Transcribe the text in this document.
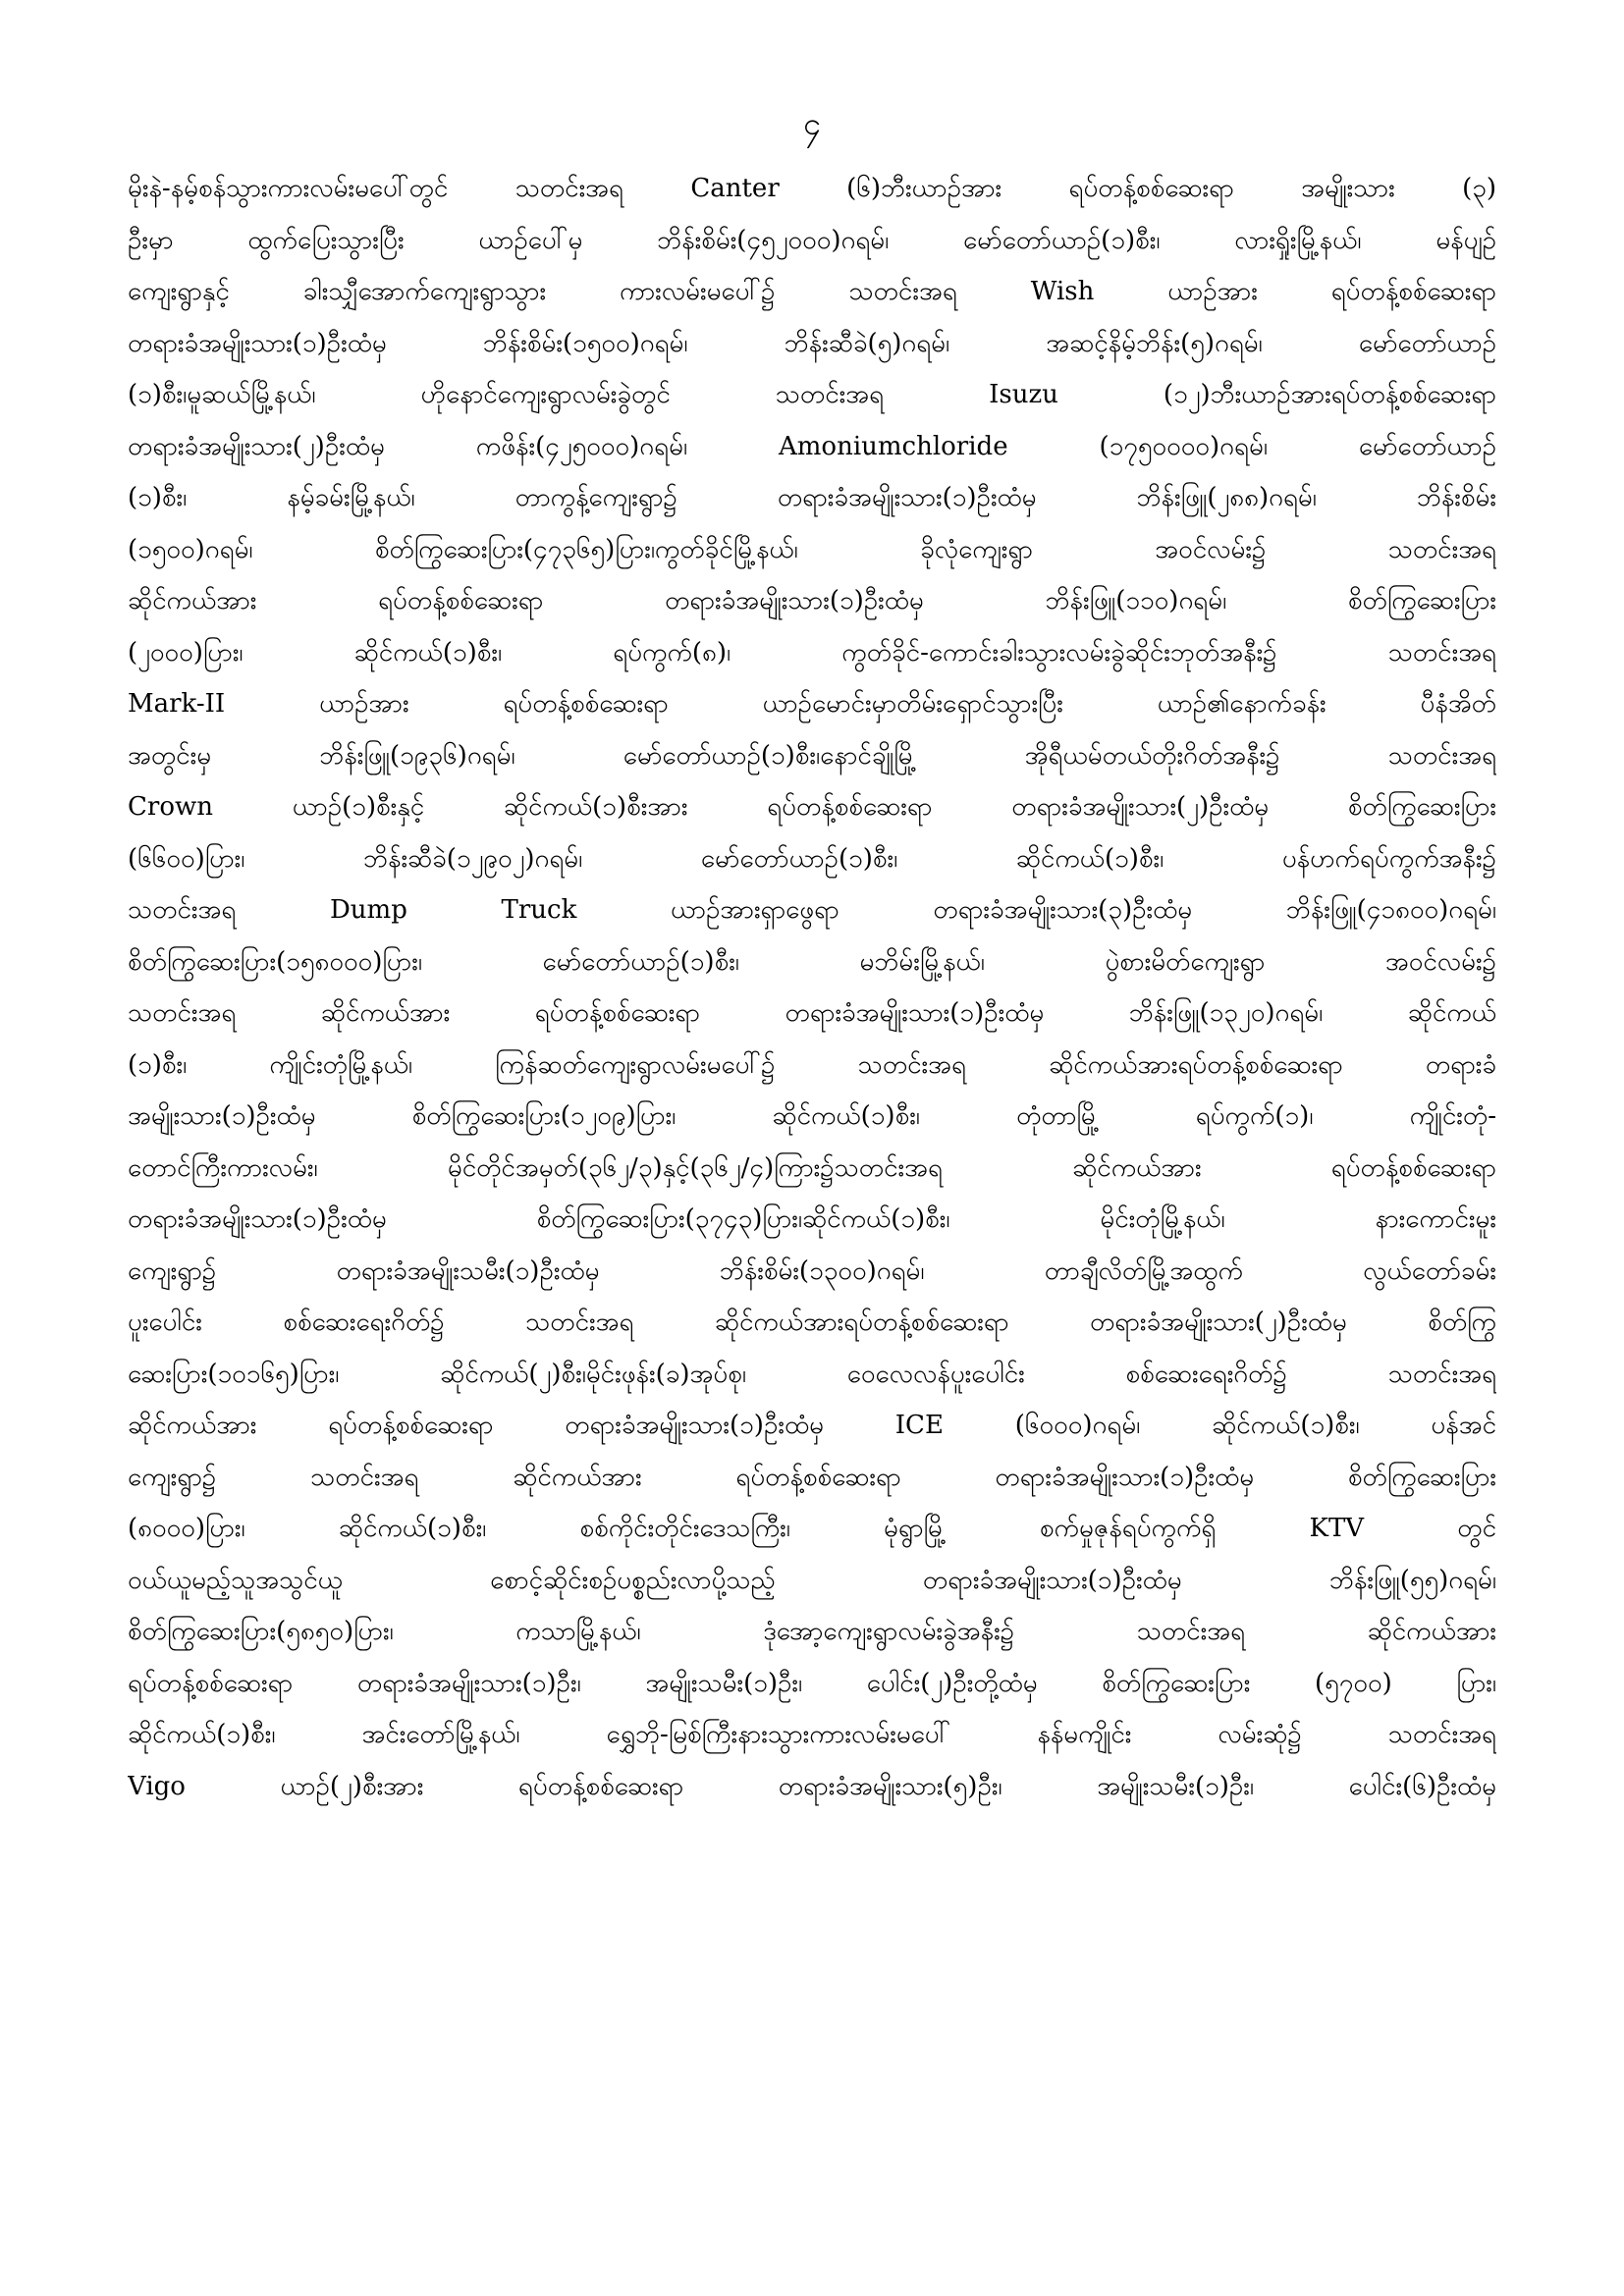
၄
မိုးနဲ-နမ့်စန်သွားကားလမ်းမပေါ်တွင် သတင်းအရ Canter (၆)ဘီးယာဉ်အား ရပ်တန့်စစ်ဆေးရာ အမျိုးသား (၃)
ဦးမှာ ထွက်ပြေးသွားပြီး ယာဉ်ပေါ်မှ ဘိန်းစိမ်း(၄၅၂၀၀၀)ဂရမ်၊ မော်တော်ယာဉ်(၁)စီး၊ လားရှိုးမြို့နယ်၊ မန်ပျဉ်
ကျေးရွာနှင့် ခါးသျှီအောက်ကျေးရွာသွား ကားလမ်းမပေါ်၌ သတင်းအရ Wish ယာဉ်အား ရပ်တန့်စစ်ဆေးရာ
တရားခံအမျိုးသား(၁)ဦးထံမှ ဘိန်းစိမ်း(၁၅၀၀)ဂရမ်၊ ဘိန်းဆီခဲ(၅)ဂရမ်၊ အဆင့်နိမ့်ဘိန်း(၅)ဂရမ်၊ မော်တော်ယာဉ်
(၁)စီး၊မူဆယ်မြို့နယ်၊ ဟိုနောင်ကျေးရွာလမ်းခွဲတွင် သတင်းအရ Isuzu (၁၂)ဘီးယာဉ်အားရပ်တန့်စစ်ဆေးရာ
တရားခံအမျိုးသား(၂)ဦးထံမှ ကဖိန်း(၄၂၅၀၀၀)ဂရမ်၊ Amoniumchloride (၁၇၅၀၀၀၀)ဂရမ်၊ မော်တော်ယာဉ်
(၁)စီး၊ နမ့်ခမ်းမြို့နယ်၊ တာကွန့်ကျေးရွာ၌ တရားခံအမျိုးသား(၁)ဦးထံမှ ဘိန်းဖြူ(၂၈၈)ဂရမ်၊ ဘိန်းစိမ်း
(၁၅၀၀)ဂရမ်၊ စိတ်ကြွဆေးပြား(၄၇၃၆၅)ပြား၊ကွတ်ခိုင်မြို့နယ်၊ ခိုလုံကျေးရွာ အဝင်လမ်း၌ သတင်းအရ
ဆိုင်ကယ်အား ရပ်တန့်စစ်ဆေးရာ တရားခံအမျိုးသား(၁)ဦးထံမှ ဘိန်းဖြူ(၁၁၀)ဂရမ်၊ စိတ်ကြွဆေးပြား
(၂၀၀၀)ပြား၊ ဆိုင်ကယ်(၁)စီး၊ ရပ်ကွက်(၈)၊ ကွတ်ခိုင်-ကောင်းခါးသွားလမ်းခွဲဆိုင်းဘုတ်အနီး၌ သတင်းအရ
Mark-II ယာဉ်အား ရပ်တန့်စစ်ဆေးရာ ယာဉ်မောင်းမှာတိမ်းရှောင်သွားပြီး ယာဉ်၏နောက်ခန်း ပီနံအိတ်
အတွင်းမှ ဘိန်းဖြူ(၁၉၃၆)ဂရမ်၊ မော်တော်ယာဉ်(၁)စီး၊နောင်ချိုမြို့ အိုရီယမ်တယ်တိုးဂိတ်အနီး၌ သတင်းအရ
Crown ယာဉ်(၁)စီးနှင့် ဆိုင်ကယ်(၁)စီးအား ရပ်တန့်စစ်ဆေးရာ တရားခံအမျိုးသား(၂)ဦးထံမှ စိတ်ကြွဆေးပြား
(၆၆၀၀)ပြား၊ ဘိန်းဆီခဲ(၁၂၉၀၂)ဂရမ်၊ မော်တော်ယာဉ်(၁)စီး၊ ဆိုင်ကယ်(၁)စီး၊ ပန်ဟက်ရပ်ကွက်အနီး၌
သတင်းအရ Dump Truck ယာဉ်အားရှာဖွေရာ တရားခံအမျိုးသား(၃)ဦးထံမှ ဘိန်းဖြူ(၄၁၈၀၀)ဂရမ်၊
စိတ်ကြွဆေးပြား(၁၅၈၀၀၀)ပြား၊ မော်တော်ယာဉ်(၁)စီး၊ မဘိမ်းမြို့နယ်၊ ပွဲစားမိတ်ကျေးရွာ အဝင်လမ်း၌
သတင်းအရ ဆိုင်ကယ်အား ရပ်တန့်စစ်ဆေးရာ တရားခံအမျိုးသား(၁)ဦးထံမှ ဘိန်းဖြူ(၁၃၂၀)ဂရမ်၊ ဆိုင်ကယ်
(၁)စီး၊ ကျိုင်းတုံမြို့နယ်၊ ကြန်ဆတ်ကျေးရွာလမ်းမပေါ်၌ သတင်းအရ ဆိုင်ကယ်အားရပ်တန့်စစ်ဆေးရာ တရားခံ
အမျိုးသား(၁)ဦးထံမှ စိတ်ကြွဆေးပြား(၁၂၀၉)ပြား၊ ဆိုင်ကယ်(၁)စီး၊ တုံတာမြို့ ရပ်ကွက်(၁)၊ ကျိုင်းတုံ-
တောင်ကြီးကားလမ်း၊ မိုင်တိုင်အမှတ်(၃၆၂/၃)နှင့်(၃၆၂/၄)ကြား၌သတင်းအရ ဆိုင်ကယ်အား ရပ်တန့်စစ်ဆေးရာ
တရားခံအမျိုးသား(၁)ဦးထံမှ စိတ်ကြွဆေးပြား(၃၇၄၃)ပြား၊ဆိုင်ကယ်(၁)စီး၊ မိုင်းတုံမြို့နယ်၊ နားကောင်းမူး
ကျေးရွာ၌ တရားခံအမျိုးသမီး(၁)ဦးထံမှ ဘိန်းစိမ်း(၁၃၀၀)ဂရမ်၊ တာချီလိတ်မြို့အထွက် လွယ်တော်ခမ်း
ပူးပေါင်း စစ်ဆေးရေးဂိတ်၌ သတင်းအရ ဆိုင်ကယ်အားရပ်တန့်စစ်ဆေးရာ တရားခံအမျိုးသား(၂)ဦးထံမှ စိတ်ကြွ
ဆေးပြား(၁၀၁၆၅)ပြား၊ ဆိုင်ကယ်(၂)စီး၊မိုင်းဖုန်း(ခ)အုပ်စု၊ ဝေလေလန်ပူးပေါင်း စစ်ဆေးရေးဂိတ်၌ သတင်းအရ
ဆိုင်ကယ်အား ရပ်တန့်စစ်ဆေးရာ တရားခံအမျိုးသား(၁)ဦးထံမှ ICE (၆၀၀၀)ဂရမ်၊ ဆိုင်ကယ်(၁)စီး၊ ပန်အင်
ကျေးရွာ၌ သတင်းအရ ဆိုင်ကယ်အား ရပ်တန့်စစ်ဆေးရာ တရားခံအမျိုးသား(၁)ဦးထံမှ စိတ်ကြွဆေးပြား
(၈၀၀၀)ပြား၊ ဆိုင်ကယ်(၁)စီး၊ စစ်ကိုင်းတိုင်းဒေသကြီး၊ မုံရွာမြို့ စက်မှုဇုန်ရပ်ကွက်ရှိ KTV တွင်
ဝယ်ယူမည့်သူအသွင်ယူ စောင့်ဆိုင်းစဉ်ပစ္စည်းလာပို့သည့် တရားခံအမျိုးသား(၁)ဦးထံမှ ဘိန်းဖြူ(၅၅)ဂရမ်၊
စိတ်ကြွဆေးပြား(၅၈၅၀)ပြား၊ ကသာမြို့နယ်၊ ဒုံအော့ကျေးရွာလမ်းခွဲအနီး၌ သတင်းအရ ဆိုင်ကယ်အား
ရပ်တန့်စစ်ဆေးရာ တရားခံအမျိုးသား(၁)ဦး၊ အမျိုးသမီး(၁)ဦး၊ ပေါင်း(၂)ဦးတို့ထံမှ စိတ်ကြွဆေးပြား (၅၇၀၀) ပြား၊
ဆိုင်ကယ်(၁)စီး၊ အင်းတော်မြို့နယ်၊ ရွှေဘို-မြစ်ကြီးနားသွားကားလမ်းမပေါ် နန်မကျိုင်း လမ်းဆုံ၌ သတင်းအရ
Vigo ယာဉ်(၂)စီးအား ရပ်တန့်စစ်ဆေးရာ တရားခံအမျိုးသား(၅)ဦး၊ အမျိုးသမီး(၁)ဦး၊ ပေါင်း(၆)ဦးထံမှ
